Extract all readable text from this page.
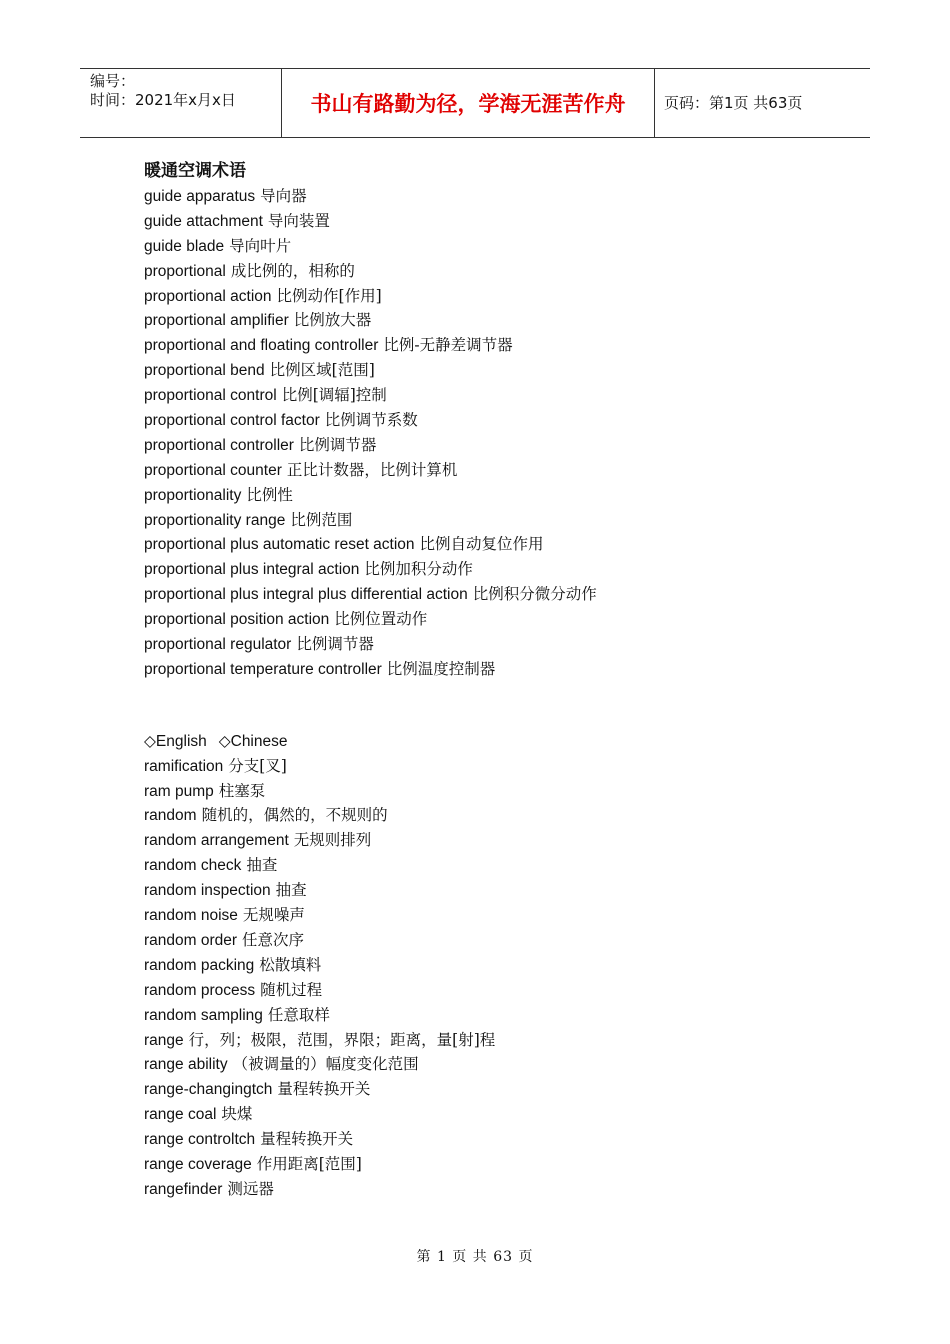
编号：
时间：2021年x月x日	书山有路勤为径，学海无涯苦作舟	页码：第1页 共63页
暖通空调术语
guide apparatus 导向器
guide attachment 导向装置
guide blade 导向叶片
proportional 成比例的，相称的
proportional action 比例动作[作用]
proportional amplifier 比例放大器
proportional and floating controller 比例-无静差调节器
proportional bend 比例区域[范围]
proportional control 比例[调辐]控制
proportional control factor 比例调节系数
proportional controller 比例调节器
proportional counter 正比计数器，比例计算机
proportionality 比例性
proportionality range 比例范围
proportional plus automatic reset action 比例自动复位作用
proportional plus integral action 比例加积分动作
proportional plus integral plus differential action 比例积分微分动作
proportional position action 比例位置动作
proportional regulator 比例调节器
proportional temperature controller 比例温度控制器
◇English ◇Chinese
ramification 分支[叉]
ram pump 柱塞泵
random 随机的，偶然的，不规则的
random arrangement 无规则排列
random check 抽查
random inspection 抽查
random noise 无规噪声
random order 任意次序
random packing 松散填料
random process 随机过程
random sampling 任意取样
range 行，列；极限，范围，界限；距离，量[射]程
range ability （被调量的）幅度变化范围
range-changingtch 量程转换开关
range coal 块煤
range controltch 量程转换开关
range coverage 作用距离[范围]
rangefinder 测远器
第 1 页 共 63 页
